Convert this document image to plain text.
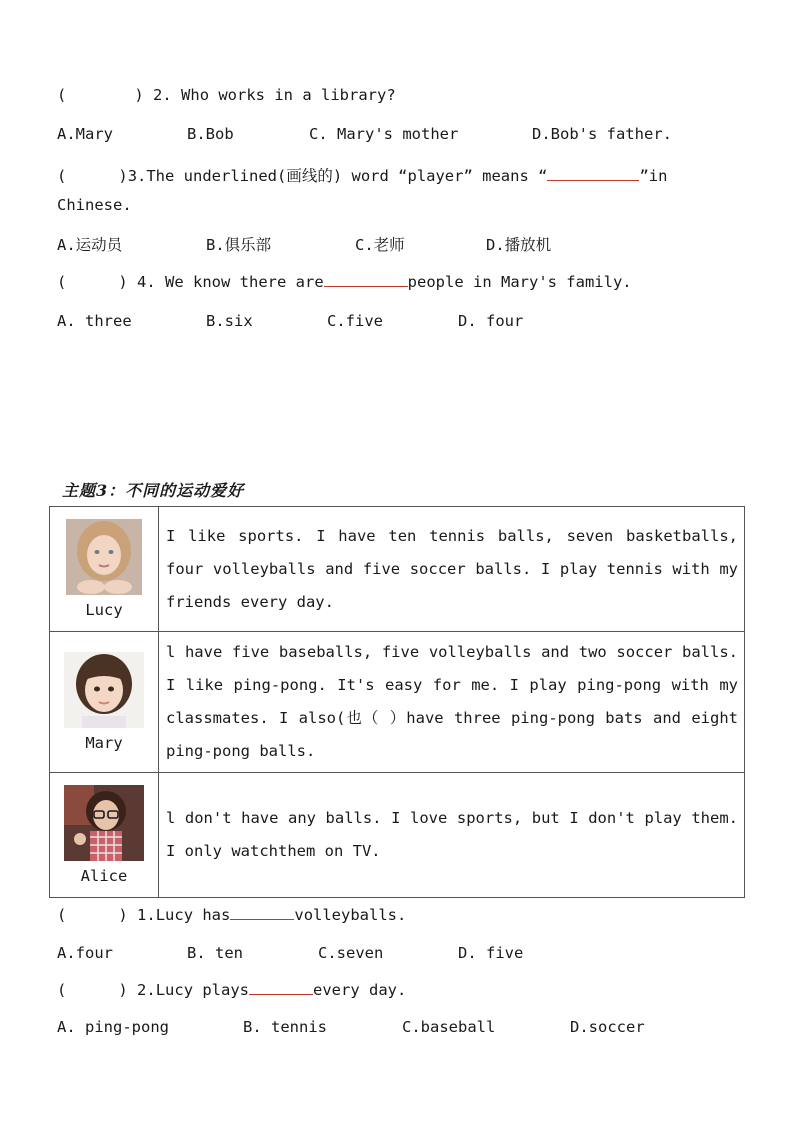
(	) 2. Who works in a library?
A.Mary	B.Bob	C. Mary's mother	D.Bob's father.
(	)3.The underlined(画线的) word “player” means “	”in
Chinese.
A.运动员	B.俱乐部	C.老师	D.播放机
(	) 4. We know there are	people in Mary's family.
A. three	B.six	C.five	D. four
主题3：不同的运动爱好
Lucy	I like sports. I have ten tennis balls, seven basketballs, four volleyballs and five soccer balls. I play tennis with my friends every day.

Mary	l have five baseballs, five volleyballs and two soccer balls. I like ping-pong. It's easy for me. I play ping-pong with my classmates. I also(也（ ）have three ping-pong bats and eight ping-pong balls.

Alice	l don't have any balls. I love sports, but I don't play them. I only watchthem on TV.
(	) 1.Lucy has	volleyballs.
A.four	B. ten	C.seven	D. five
(	) 2.Lucy plays	every day.
A. ping-pong	B. tennis	C.baseball	D.soccer
